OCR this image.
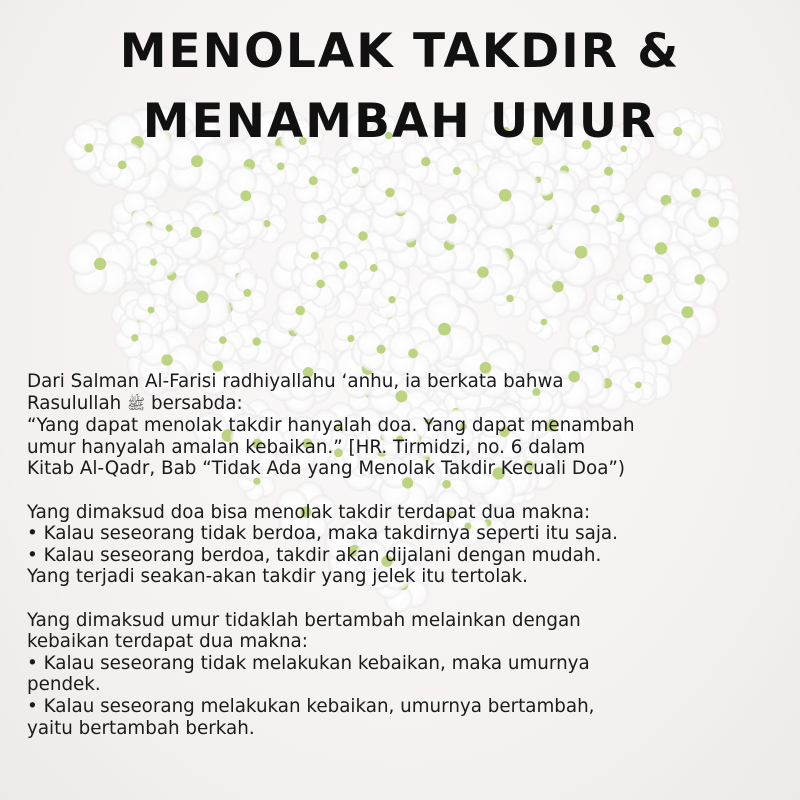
MENOLAK TAKDIR &
MENAMBAH UMUR

Dari Salman Al-Farisi radhiyallahu ‘anhu, ia berkata bahwa

Rasulullah ﷺ bersabda:

“Yang dapat menolak takdir hanyalah doa. Yang dapat menambah

umur hanyalah amalan kebaikan.” [HR. Tirmidzi, no. 6 dalam

Kitab Al-Qadr, Bab “Tidak Ada yang Menolak Takdir Kecuali Doa”)

Yang dimaksud doa bisa menolak takdir terdapat dua makna:

• Kalau seseorang tidak berdoa, maka takdirnya seperti itu saja.

• Kalau seseorang berdoa, takdir akan dijalani dengan mudah.

Yang terjadi seakan-akan takdir yang jelek itu tertolak.

Yang dimaksud umur tidaklah bertambah melainkan dengan

kebaikan terdapat dua makna:

• Kalau seseorang tidak melakukan kebaikan, maka umurnya

pendek.

• Kalau seseorang melakukan kebaikan, umurnya bertambah,

yaitu bertambah berkah.
